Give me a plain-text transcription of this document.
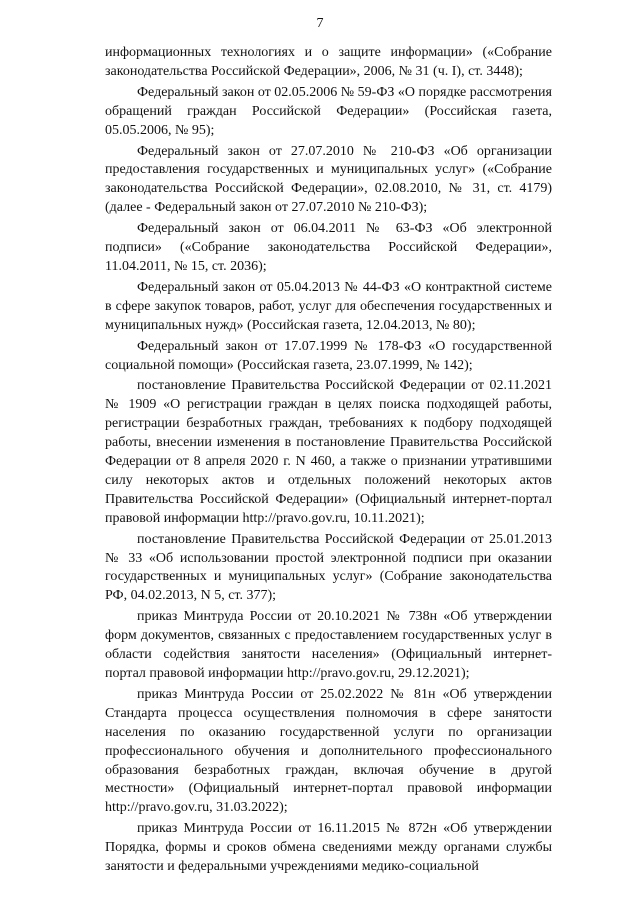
7

информационных технологиях и о защите информации» («Собрание законодательства Российской Федерации», 2006, № 31 (ч. I), ст. 3448);

Федеральный закон от 02.05.2006 № 59-ФЗ «О порядке рассмотрения обращений граждан Российской Федерации» (Российская газета, 05.05.2006, № 95);

Федеральный закон от 27.07.2010 № 210-ФЗ «Об организации предоставления государственных и муниципальных услуг» («Собрание законодательства Российской Федерации», 02.08.2010, № 31, ст. 4179) (далее - Федеральный закон от 27.07.2010 № 210-ФЗ);

Федеральный закон от 06.04.2011 № 63-ФЗ «Об электронной подписи» («Собрание законодательства Российской Федерации», 11.04.2011, № 15, ст. 2036);

Федеральный закон от 05.04.2013 № 44-ФЗ «О контрактной системе в сфере закупок товаров, работ, услуг для обеспечения государственных и муниципальных нужд» (Российская газета, 12.04.2013, № 80);

Федеральный закон от 17.07.1999 № 178-ФЗ «О государственной социальной помощи» (Российская газета, 23.07.1999, № 142);

постановление Правительства Российской Федерации от 02.11.2021 № 1909 «О регистрации граждан в целях поиска подходящей работы, регистрации безработных граждан, требованиях к подбору подходящей работы, внесении изменения в постановление Правительства Российской Федерации от 8 апреля 2020 г. N 460, а также о признании утратившими силу некоторых актов и отдельных положений некоторых актов Правительства Российской Федерации» (Официальный интернет-портал правовой информации http://pravo.gov.ru, 10.11.2021);

постановление Правительства Российской Федерации от 25.01.2013 № 33 «Об использовании простой электронной подписи при оказании государственных и муниципальных услуг» (Собрание законодательства РФ, 04.02.2013, N 5, ст. 377);

приказ Минтруда России от 20.10.2021 № 738н «Об утверждении форм документов, связанных с предоставлением государственных услуг в области содействия занятости населения» (Официальный интернет-портал правовой информации http://pravo.gov.ru, 29.12.2021);

приказ Минтруда России от 25.02.2022 № 81н «Об утверждении Стандарта процесса осуществления полномочия в сфере занятости населения по оказанию государственной услуги по организации профессионального обучения и дополнительного профессионального образования безработных граждан, включая обучение в другой местности» (Официальный интернет-портал правовой информации http://pravo.gov.ru, 31.03.2022);

приказ Минтруда России от 16.11.2015 № 872н «Об утверждении Порядка, формы и сроков обмена сведениями между органами службы занятости и федеральными учреждениями медико-социальной
